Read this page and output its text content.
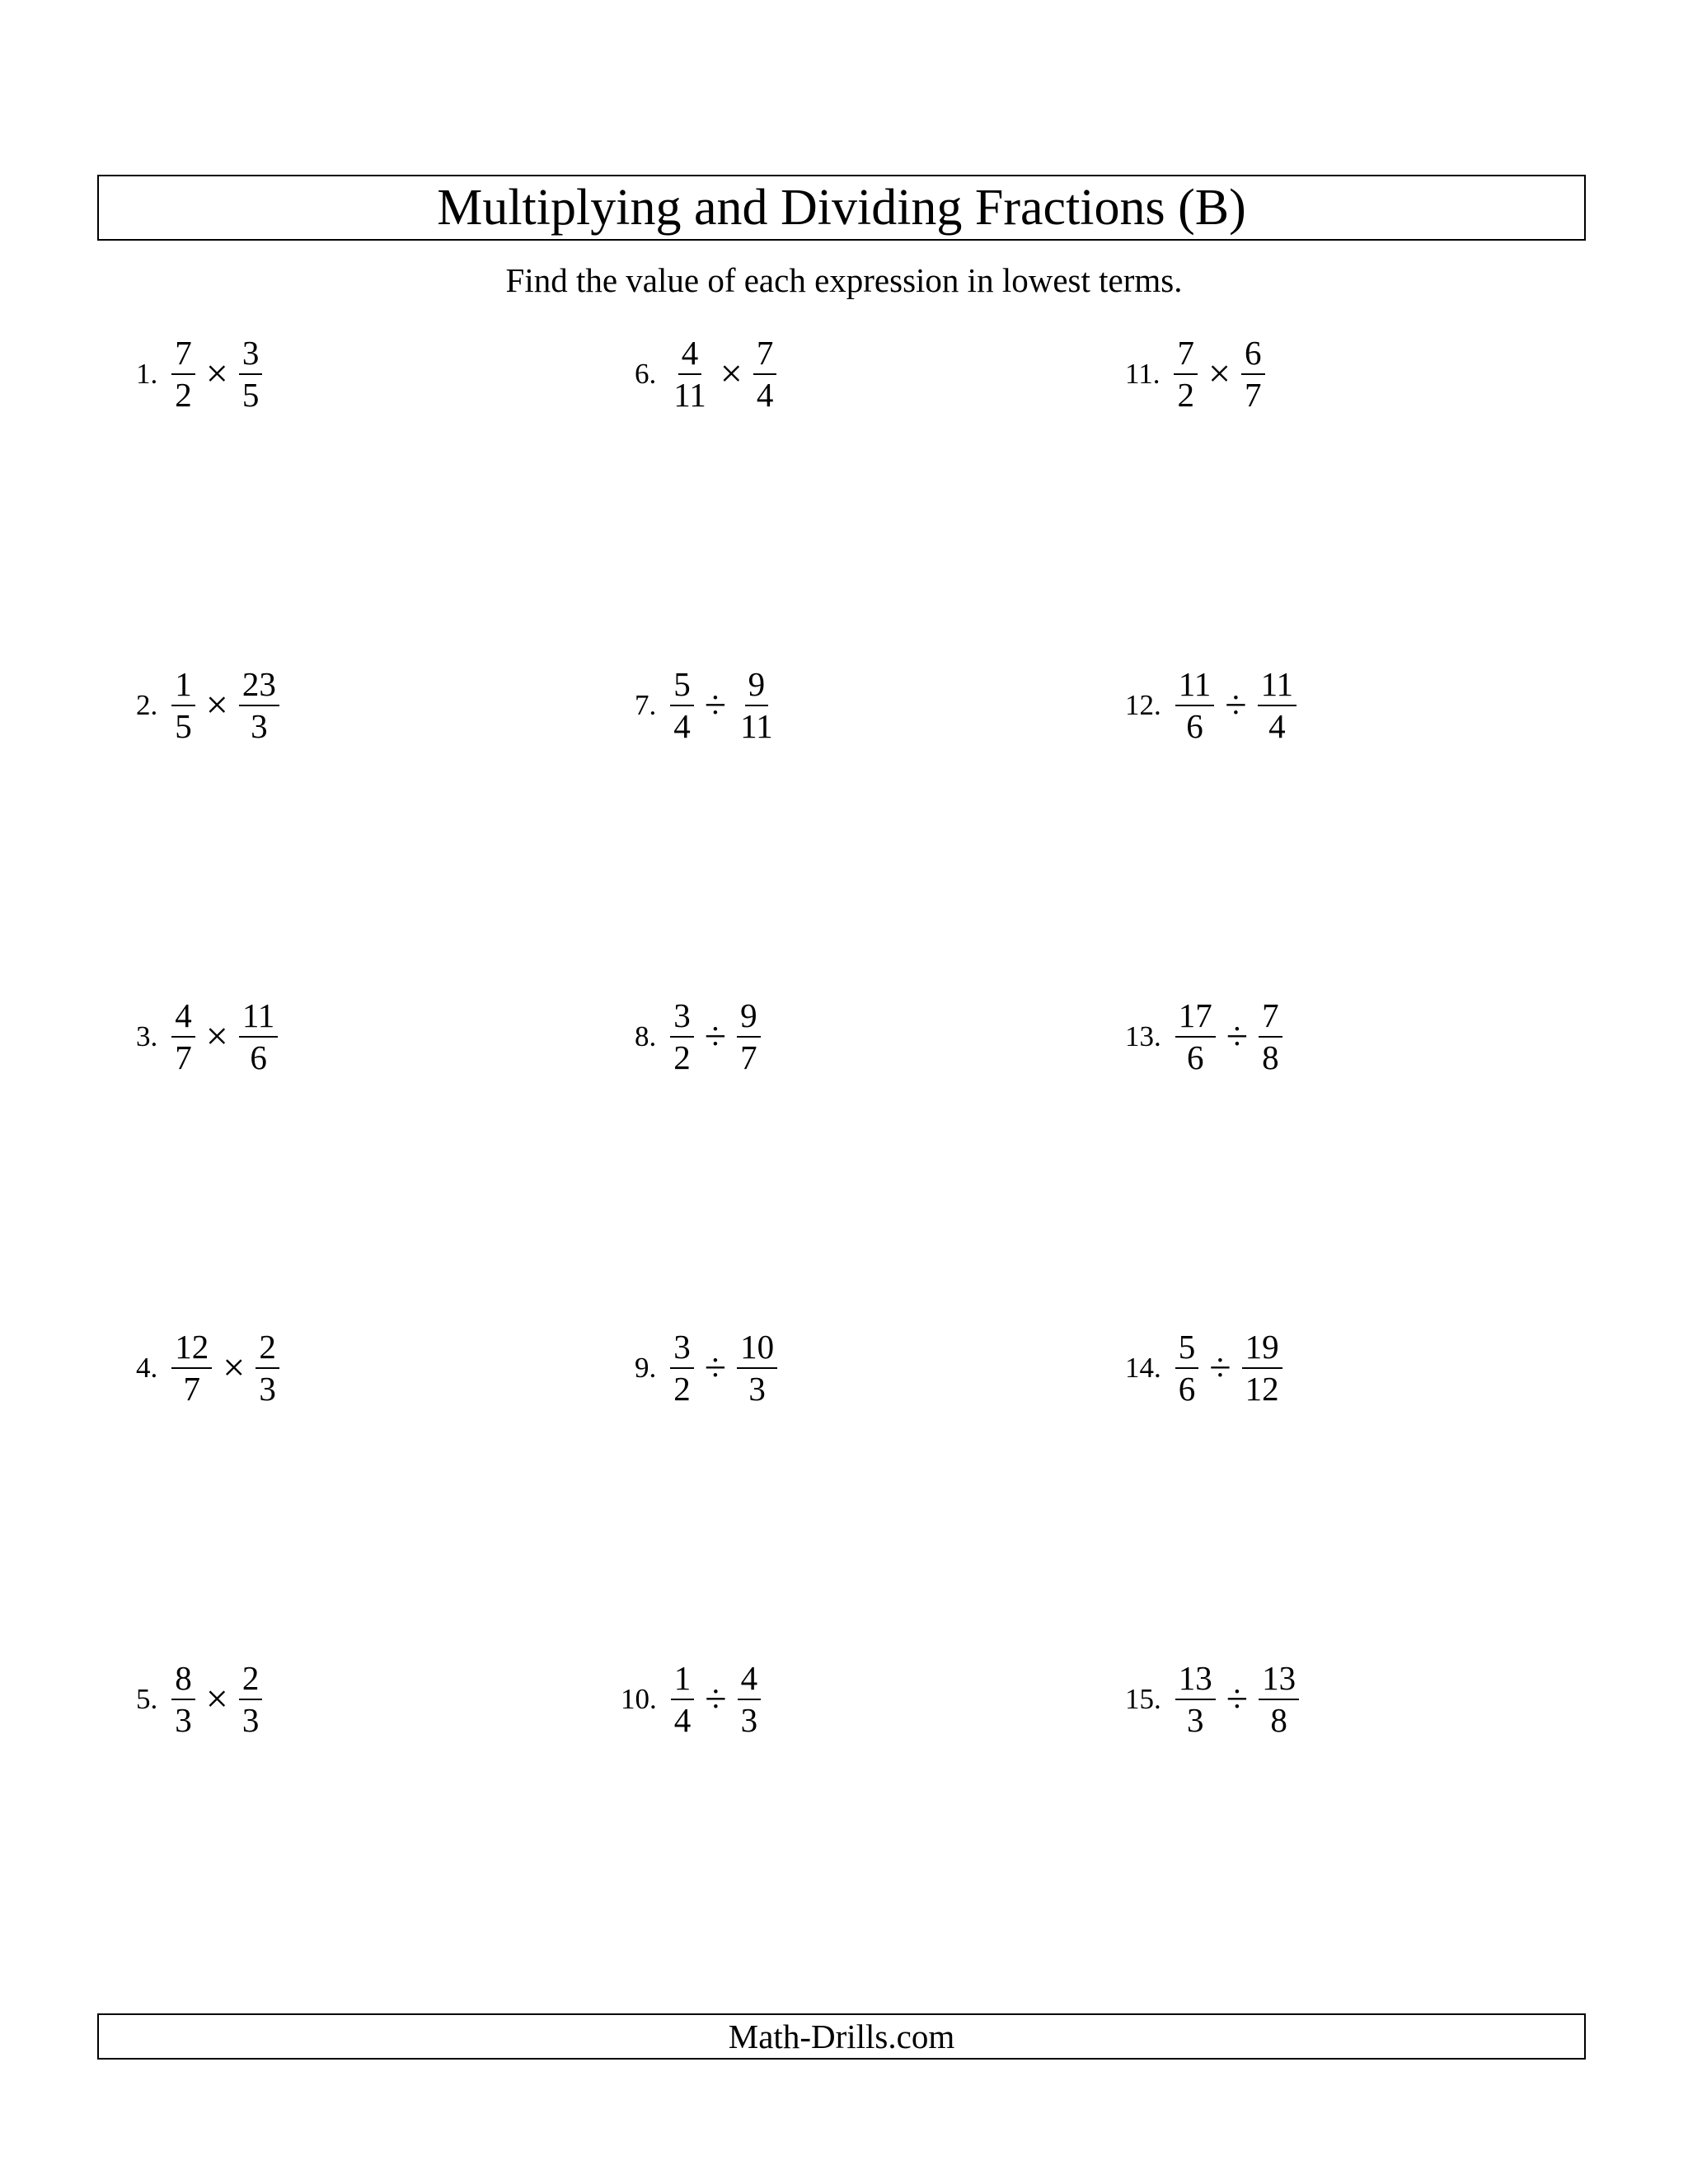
Multiplying and Dividing Fractions (B)
Find the value of each expression in lowest terms.
1. $\frac{7}{2} \times \frac{3}{5}$
2. $\frac{1}{5} \times \frac{23}{3}$
3. $\frac{4}{7} \times \frac{11}{6}$
4. $\frac{12}{7} \times \frac{2}{3}$
5. $\frac{8}{3} \times \frac{2}{3}$
6. $\frac{4}{11} \times \frac{7}{4}$
7. $\frac{5}{4} \div \frac{9}{11}$
8. $\frac{3}{2} \div \frac{9}{7}$
9. $\frac{3}{2} \div \frac{10}{3}$
10. $\frac{1}{4} \div \frac{4}{3}$
11. $\frac{7}{2} \times \frac{6}{7}$
12. $\frac{11}{6} \div \frac{11}{4}$
13. $\frac{17}{6} \div \frac{7}{8}$
14. $\frac{5}{6} \div \frac{19}{12}$
15. $\frac{13}{3} \div \frac{13}{8}$
Math-Drills.com
